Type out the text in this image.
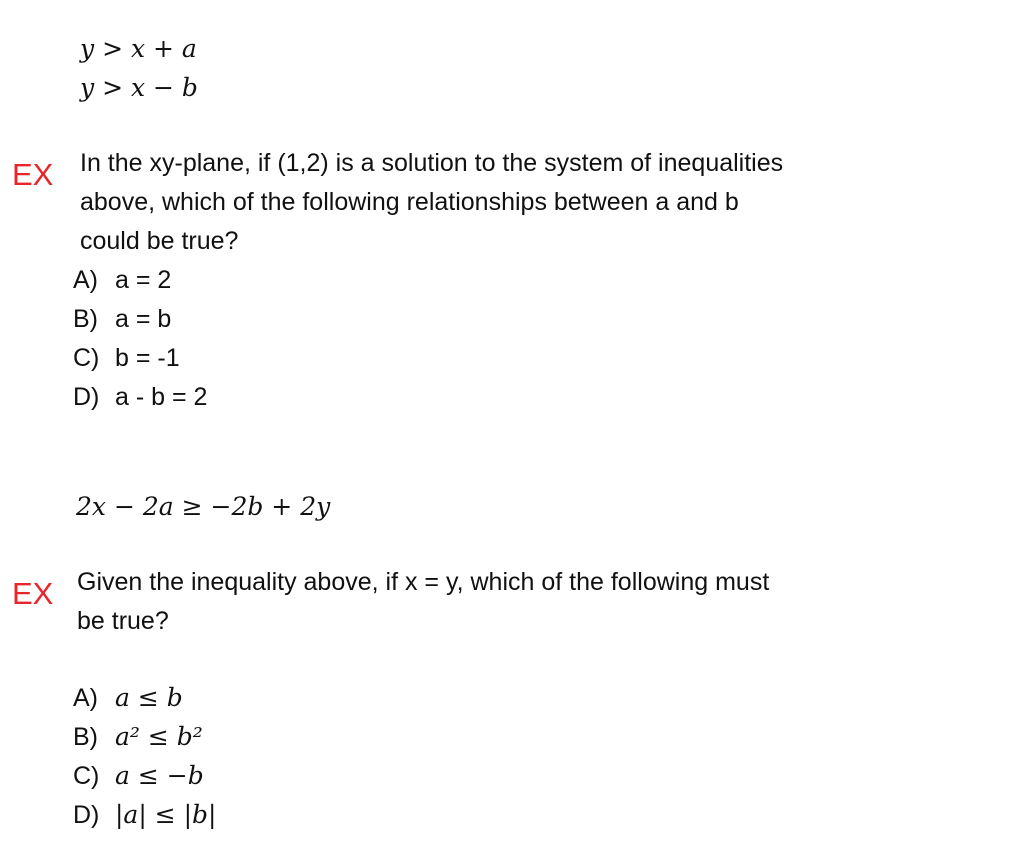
y > x + a
y > x − b
EX In the xy-plane, if (1,2) is a solution to the system of inequalities
above, which of the following relationships between a and b
could be true?
A) a = 2
B) a = b
C) b = -1
D) a - b = 2
2x − 2a ≥ −2b + 2y
EX Given the inequality above, if x = y, which of the following must
be true?
A) a ≤ b
B) a² ≤ b²
C) a ≤ −b
D) |a| ≤ |b|
